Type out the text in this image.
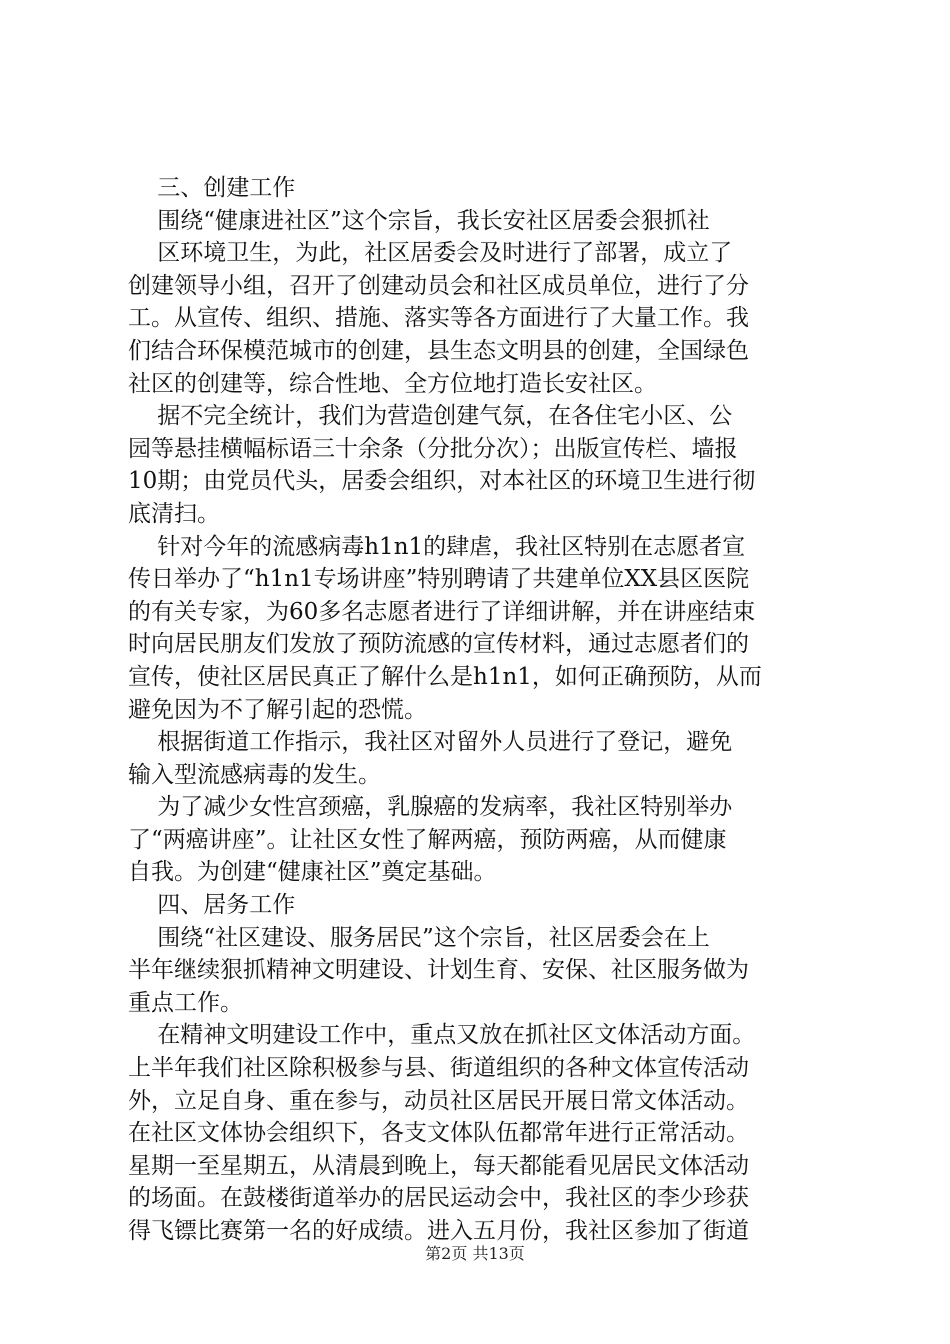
三、创建工作

围绕“健康进社区”这个宗旨，我长安社区居委会狠抓社

区环境卫生，为此，社区居委会及时进行了部署，成立了

创建领导小组，召开了创建动员会和社区成员单位，进行了分

工。从宣传、组织、措施、落实等各方面进行了大量工作。我

们结合环保模范城市的创建，县生态文明县的创建，全国绿色

社区的创建等，综合性地、全方位地打造长安社区。

据不完全统计，我们为营造创建气氛，在各住宅小区、公

园等悬挂横幅标语三十余条（分批分次）；出版宣传栏、墙报

10期；由党员代头，居委会组织，对本社区的环境卫生进行彻

底清扫。

针对今年的流感病毒h1n1的肆虐，我社区特别在志愿者宣

传日举办了“h1n1专场讲座”特别聘请了共建单位XX县区医院

的有关专家，为60多名志愿者进行了详细讲解，并在讲座结束

时向居民朋友们发放了预防流感的宣传材料，通过志愿者们的

宣传，使社区居民真正了解什么是h1n1，如何正确预防，从而

避免因为不了解引起的恐慌。

根据街道工作指示，我社区对留外人员进行了登记，避免

输入型流感病毒的发生。

为了减少女性宫颈癌，乳腺癌的发病率，我社区特别举办

了“两癌讲座”。让社区女性了解两癌，预防两癌，从而健康

自我。为创建“健康社区”奠定基础。

四、居务工作

围绕“社区建设、服务居民”这个宗旨，社区居委会在上

半年继续狠抓精神文明建设、计划生育、安保、社区服务做为

重点工作。

在精神文明建设工作中，重点又放在抓社区文体活动方面。

上半年我们社区除积极参与县、街道组织的各种文体宣传活动

外，立足自身、重在参与，动员社区居民开展日常文体活动。

在社区文体协会组织下，各支文体队伍都常年进行正常活动。

星期一至星期五，从清晨到晚上，每天都能看见居民文体活动

的场面。在鼓楼街道举办的居民运动会中，我社区的李少珍获

得飞镖比赛第一名的好成绩。进入五月份，我社区参加了街道

第2页 共13页
